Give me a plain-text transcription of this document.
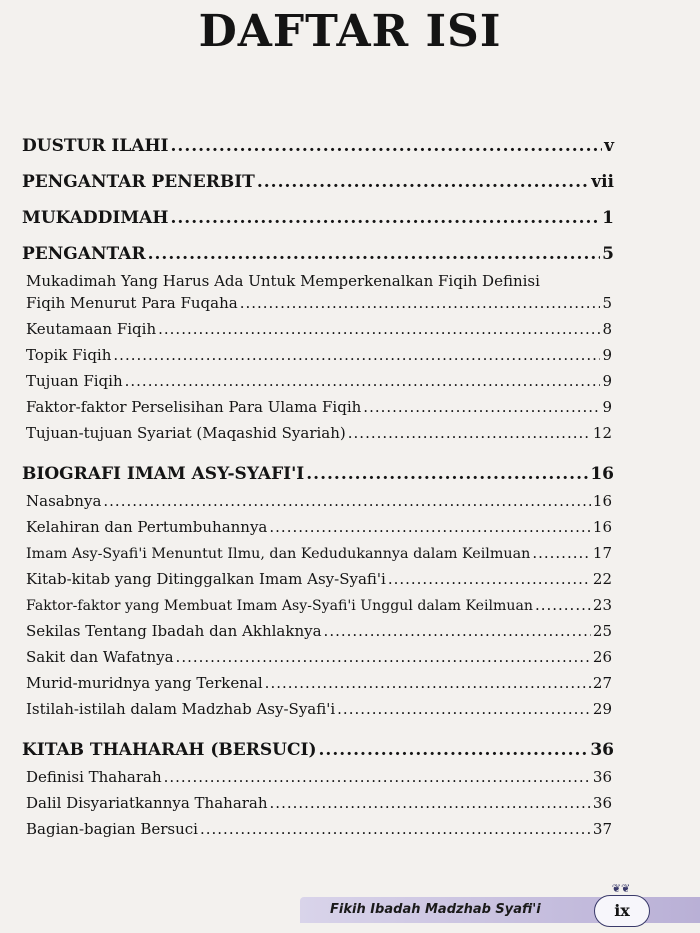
DAFTAR ISI
DUSTUR ILAHI .....	v
PENGANTAR PENERBIT .....	vii
MUKADDIMAH .....	1
PENGANTAR .....	5
Mukadimah Yang Harus Ada Untuk Memperkenalkan Fiqih Definisi
Fiqih Menurut Para Fuqaha .....	5
Keutamaan Fiqih .....	8
Topik Fiqih .....	9
Tujuan Fiqih .....	9
Faktor-faktor Perselisihan Para Ulama Fiqih .....	9
Tujuan-tujuan Syariat (Maqashid Syariah) .....	12
BIOGRAFI IMAM ASY-SYAFI'I .....	16
Nasabnya .....	16
Kelahiran dan Pertumbuhannya .....	16
Imam Asy-Syafi'i Menuntut Ilmu, dan Kedudukannya dalam Keilmuan .....	17
Kitab-kitab yang Ditinggalkan Imam Asy-Syafi'i .....	22
Faktor-faktor yang Membuat Imam Asy-Syafi'i Unggul dalam Keilmuan .....	23
Sekilas Tentang Ibadah dan Akhlaknya .....	25
Sakit dan Wafatnya .....	26
Murid-muridnya yang Terkenal .....	27
Istilah-istilah dalam Madzhab Asy-Syafi'i .....	29
KITAB THAHARAH (BERSUCI) .....	36
Definisi Thaharah .....	36
Dalil Disyariatkannya Thaharah .....	36
Bagian-bagian Bersuci .....	37
❦❦
Fikih Ibadah Madzhab Syafi'i	ix
